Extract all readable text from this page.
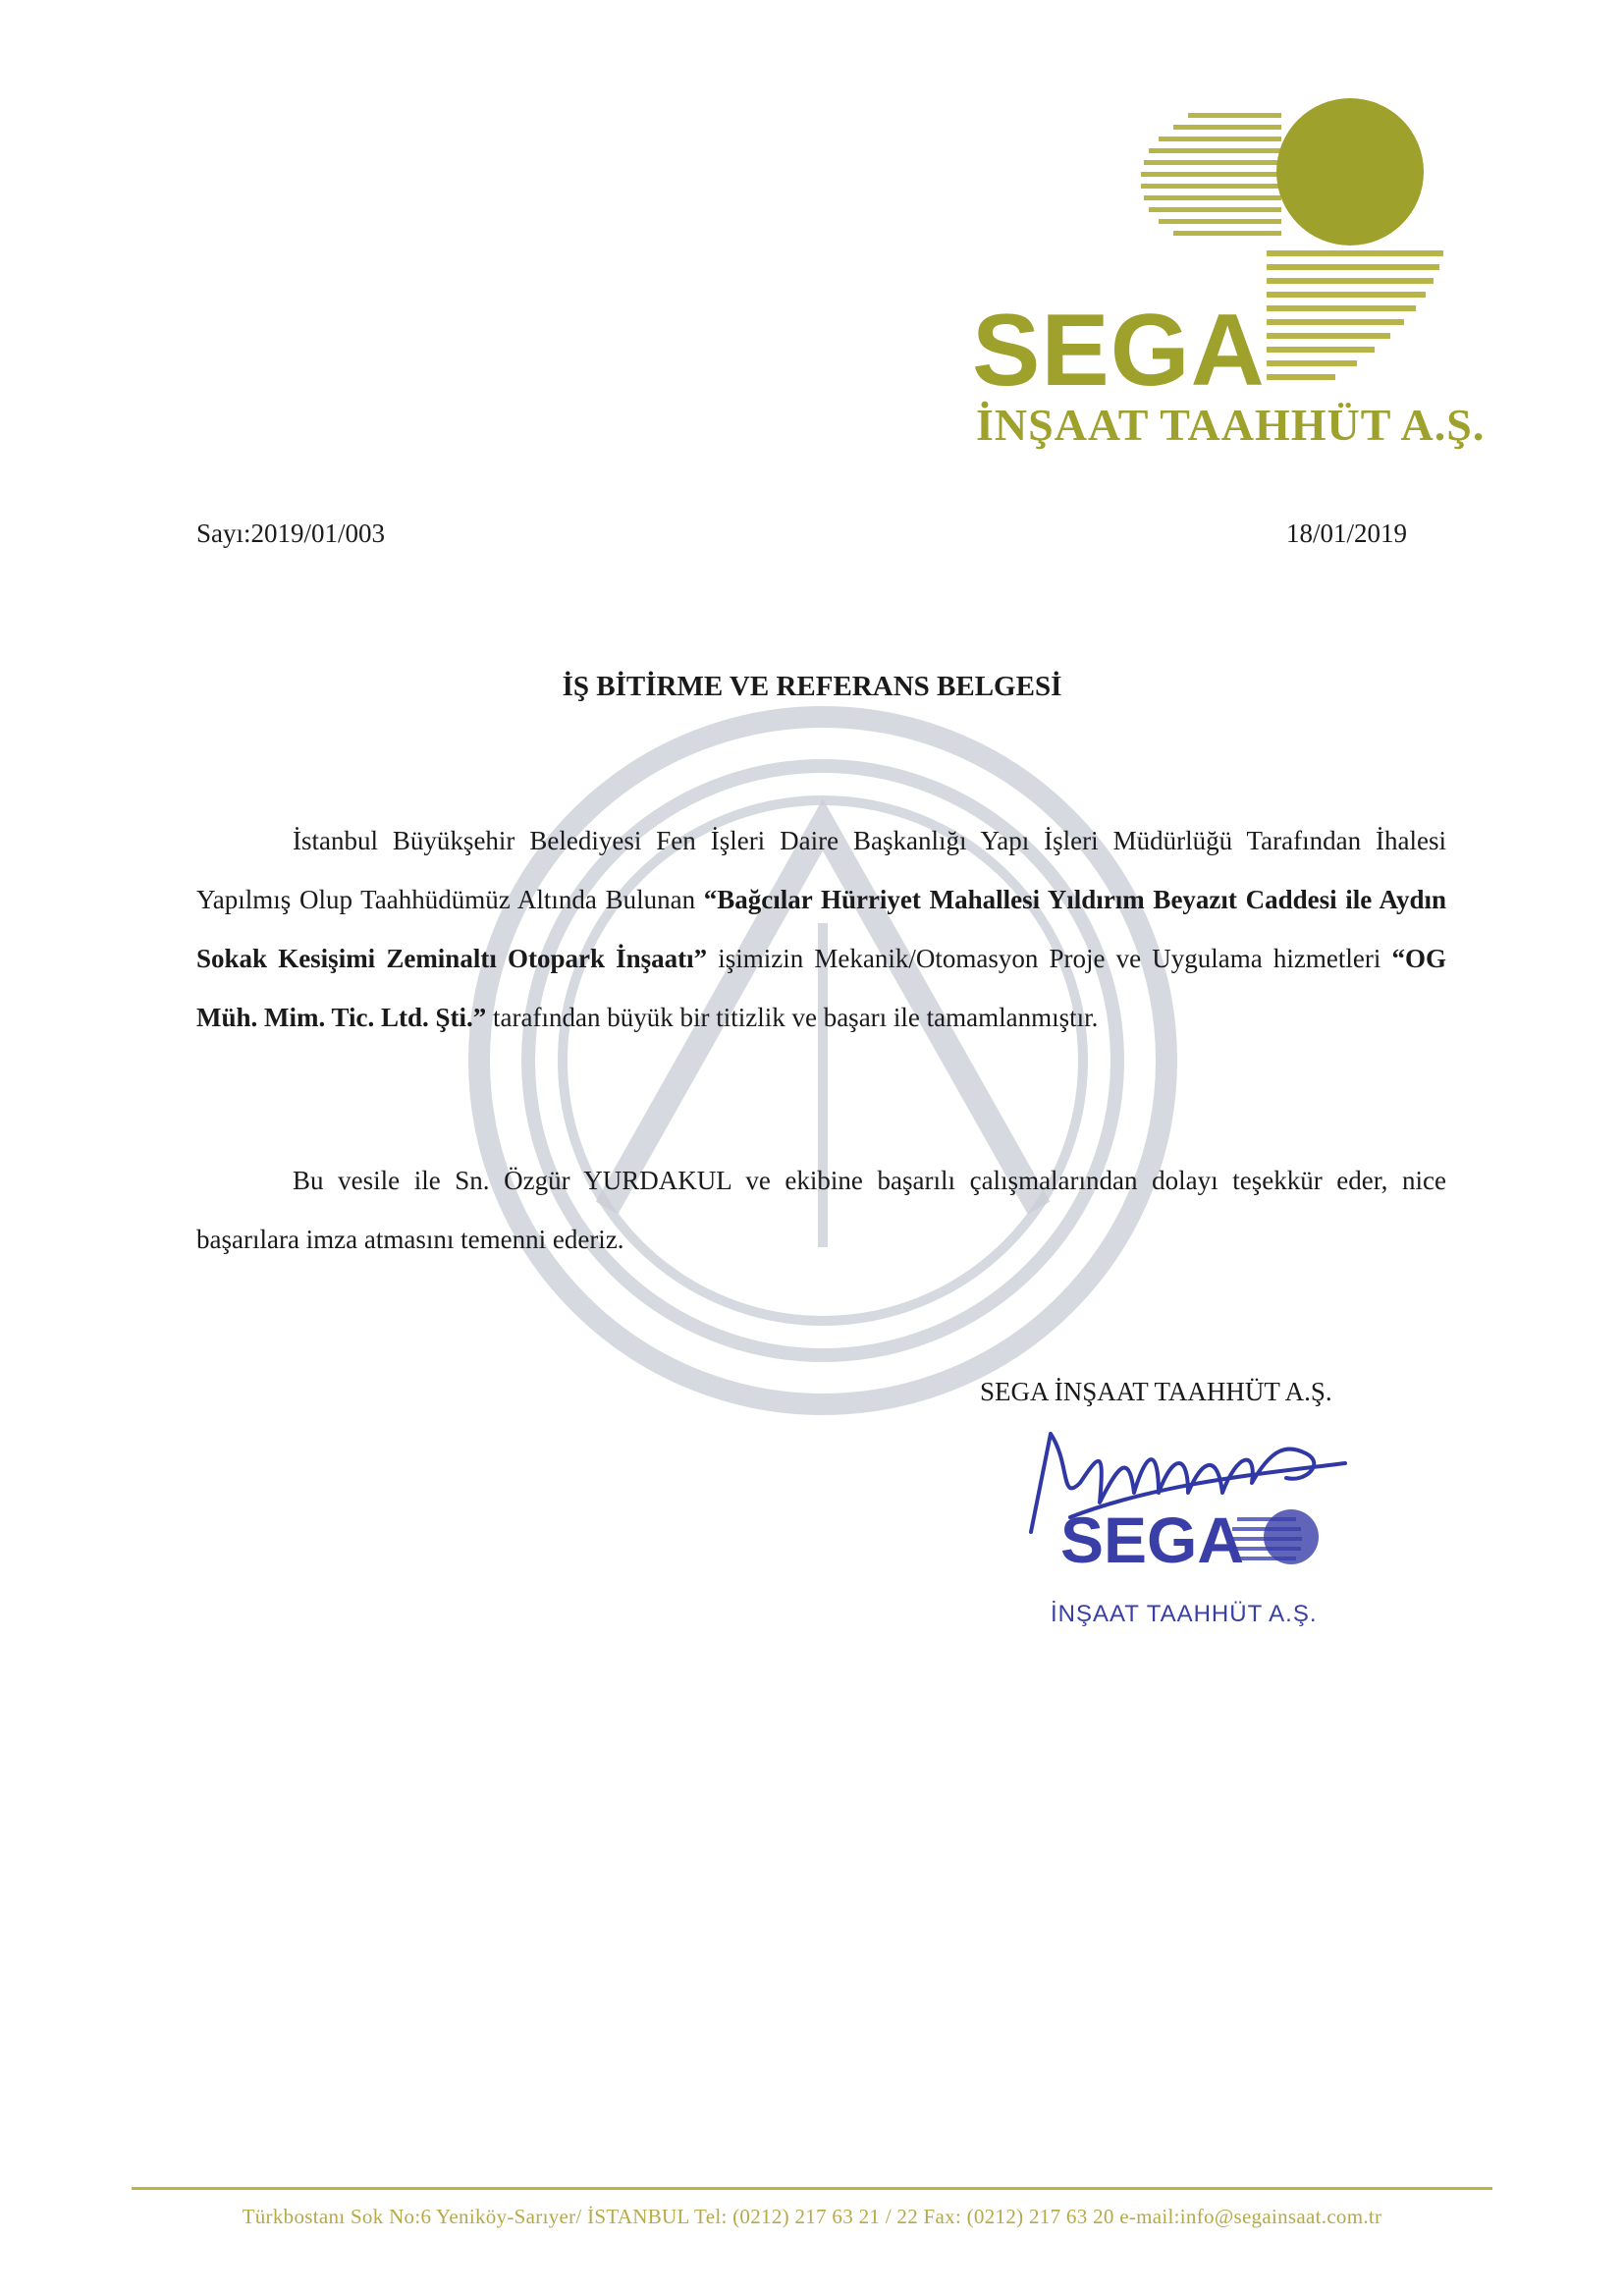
SEGA
İNŞAAT TAAHHÜT A.Ş.
Sayı:2019/01/003	18/01/2019
İŞ BİTİRME VE REFERANS BELGESİ

İstanbul Büyükşehir Belediyesi Fen İşleri Daire Başkanlığı Yapı İşleri Müdürlüğü Tarafından İhalesi Yapılmış Olup Taahhüdümüz Altında Bulunan “Bağcılar Hürriyet Mahallesi Yıldırım Beyazıt Caddesi ile Aydın Sokak Kesişimi Zeminaltı Otopark İnşaatı” işimizin Mekanik/Otomasyon Proje ve Uygulama hizmetleri “OG Müh. Mim. Tic. Ltd. Şti.” tarafından büyük bir titizlik ve başarı ile tamamlanmıştır.

Bu vesile ile Sn. Özgür YURDAKUL ve ekibine başarılı çalışmalarından dolayı teşekkür eder, nice başarılara imza atmasını temenni ederiz.

SEGA İNŞAAT TAAHHÜT A.Ş.
SEGA
İNŞAAT TAAHHÜT A.Ş.
Türkbostanı Sok No:6 Yeniköy-Sarıyer/ İSTANBUL Tel: (0212) 217 63 21 / 22 Fax: (0212) 217 63 20 e-mail:info@segainsaat.com.tr
